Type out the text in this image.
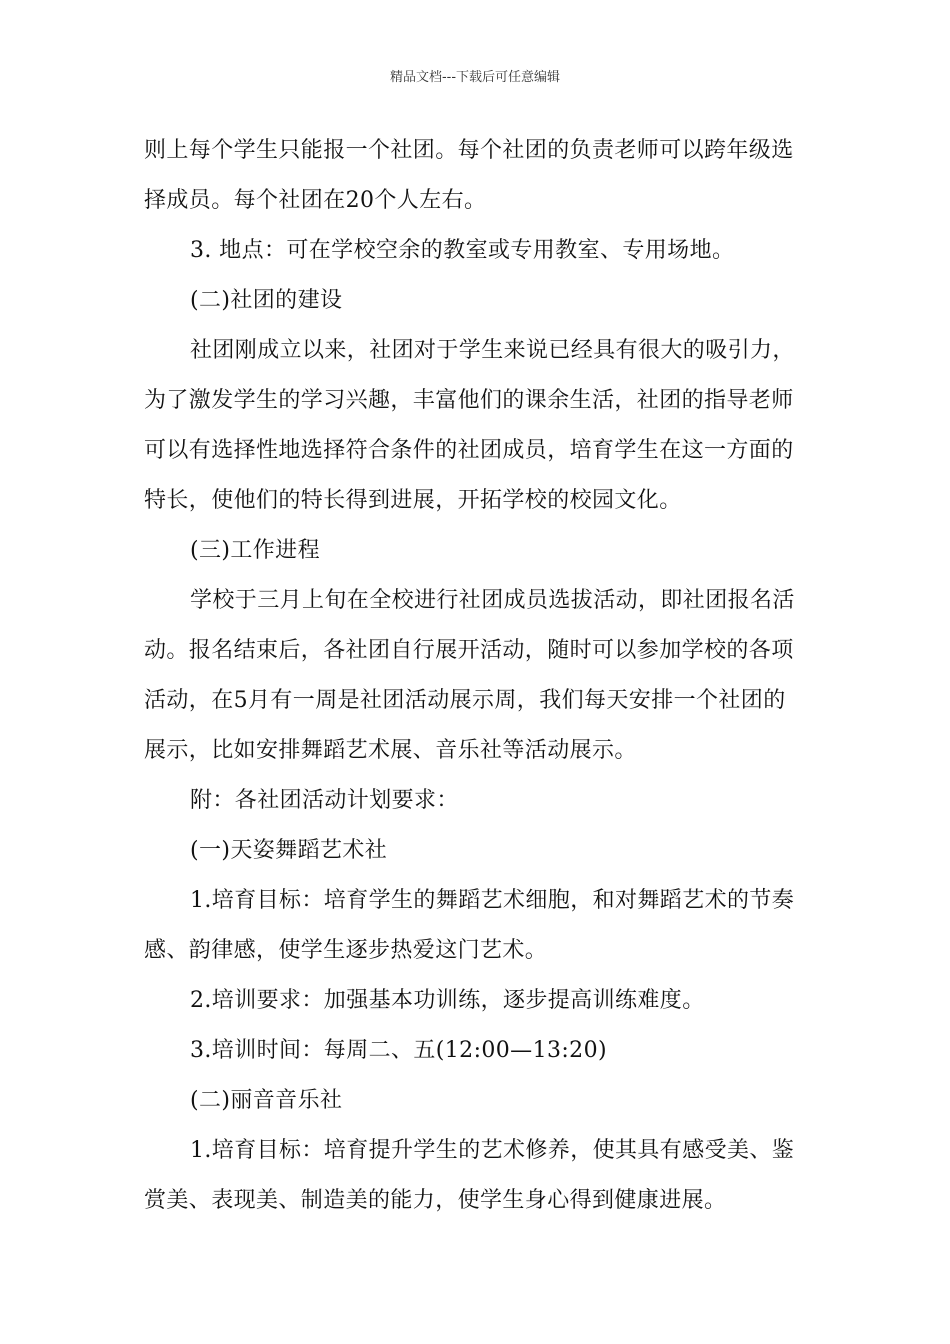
精品文档---下载后可任意编辑
则上每个学生只能报一个社团。每个社团的负责老师可以跨年级选
择成员。每个社团在20个人左右。
3. 地点：可在学校空余的教室或专用教室、专用场地。
(二)社团的建设
社团刚成立以来，社团对于学生来说已经具有很大的吸引力，
为了激发学生的学习兴趣，丰富他们的课余生活，社团的指导老师
可以有选择性地选择符合条件的社团成员，培育学生在这一方面的
特长，使他们的特长得到进展，开拓学校的校园文化。
(三)工作进程
学校于三月上旬在全校进行社团成员选拔活动，即社团报名活
动。报名结束后，各社团自行展开活动，随时可以参加学校的各项
活动，在5月有一周是社团活动展示周，我们每天安排一个社团的
展示，比如安排舞蹈艺术展、音乐社等活动展示。
附：各社团活动计划要求：
(一)天姿舞蹈艺术社
1.培育目标：培育学生的舞蹈艺术细胞，和对舞蹈艺术的节奏
感、韵律感，使学生逐步热爱这门艺术。
2.培训要求：加强基本功训练，逐步提高训练难度。
3.培训时间：每周二、五(12:00—13:20)
(二)丽音音乐社
1.培育目标：培育提升学生的艺术修养，使其具有感受美、鉴
赏美、表现美、制造美的能力，使学生身心得到健康进展。
